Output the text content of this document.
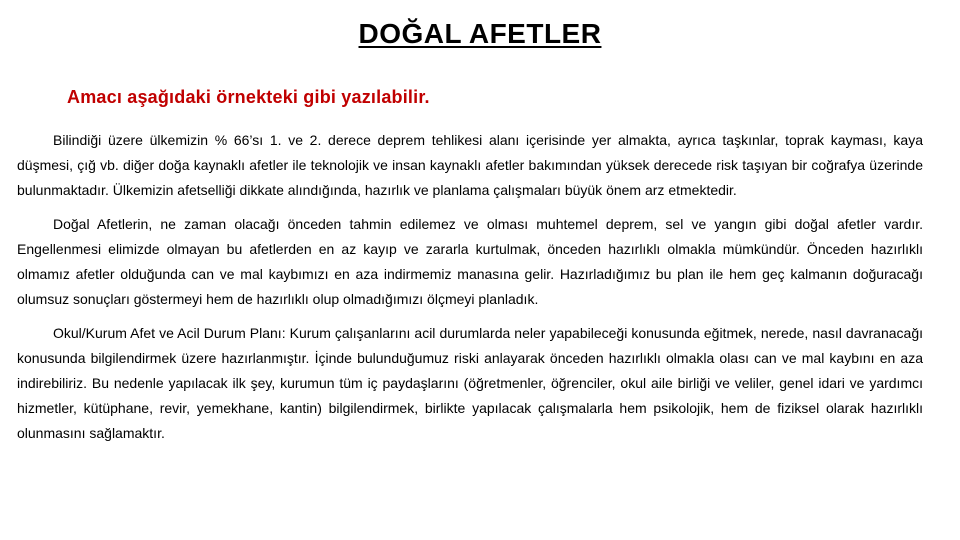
DOĞAL AFETLER
Amacı aşağıdaki örnekteki gibi yazılabilir.

Bilindiği üzere ülkemizin % 66’sı 1. ve 2. derece deprem tehlikesi alanı içerisinde yer almakta, ayrıca taşkınlar, toprak kayması, kaya düşmesi, çığ vb. diğer doğa kaynaklı afetler ile teknolojik ve insan kaynaklı afetler bakımından yüksek derecede risk taşıyan bir coğrafya üzerinde bulunmaktadır. Ülkemizin afetselliği dikkate alındığında, hazırlık ve planlama çalışmaları büyük önem arz etmektedir.

Doğal Afetlerin, ne zaman olacağı önceden tahmin edilemez ve olması muhtemel deprem, sel ve yangın gibi doğal afetler vardır. Engellenmesi elimizde olmayan bu afetlerden en az kayıp ve zararla kurtulmak, önceden hazırlıklı olmakla mümkündür. Önceden hazırlıklı olmamız afetler olduğunda can ve mal kaybımızı en aza indirmemiz manasına gelir. Hazırladığımız bu plan ile hem geç kalmanın doğuracağı olumsuz sonuçları göstermeyi hem de hazırlıklı olup olmadığımızı ölçmeyi planladık.

Okul/Kurum Afet ve Acil Durum Planı: Kurum çalışanlarını acil durumlarda neler yapabileceği konusunda eğitmek, nerede, nasıl davranacağı konusunda bilgilendirmek üzere hazırlanmıştır. İçinde bulunduğumuz riski anlayarak önceden hazırlıklı olmakla olası can ve mal kaybını en aza indirebiliriz. Bu nedenle yapılacak ilk şey, kurumun tüm iç paydaşlarını (öğretmenler, öğrenciler, okul aile birliği ve veliler, genel idari ve yardımcı hizmetler, kütüphane, revir, yemekhane, kantin) bilgilendirmek, birlikte yapılacak çalışmalarla hem psikolojik, hem de fiziksel olarak hazırlıklı olunmasını sağlamaktır.
